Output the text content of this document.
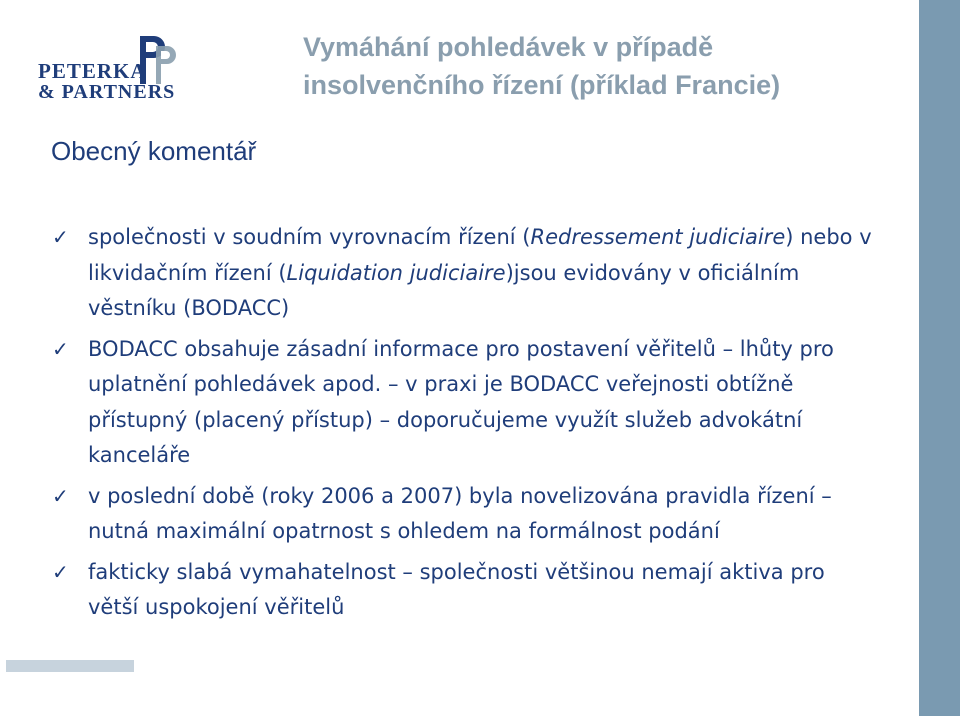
PETERKA
& PARTNERS
Vymáhání pohledávek v případě
insolvenčního řízení (příklad Francie)
Obecný komentář
✓ společnosti v soudním vyrovnacím řízení (Redressement judiciaire) nebo v likvidačním řízení (Liquidation judiciaire)jsou evidovány v oficiálním věstníku (BODACC)
✓ BODACC obsahuje zásadní informace pro postavení věřitelů – lhůty pro uplatnění pohledávek apod. – v praxi je BODACC veřejnosti obtížně přístupný (placený přístup) – doporučujeme využít služeb advokátní kanceláře
✓ v poslední době (roky 2006 a 2007) byla novelizována pravidla řízení – nutná maximální opatrnost s ohledem na formálnost podání
✓ fakticky slabá vymahatelnost – společnosti většinou nemají aktiva pro větší uspokojení věřitelů
